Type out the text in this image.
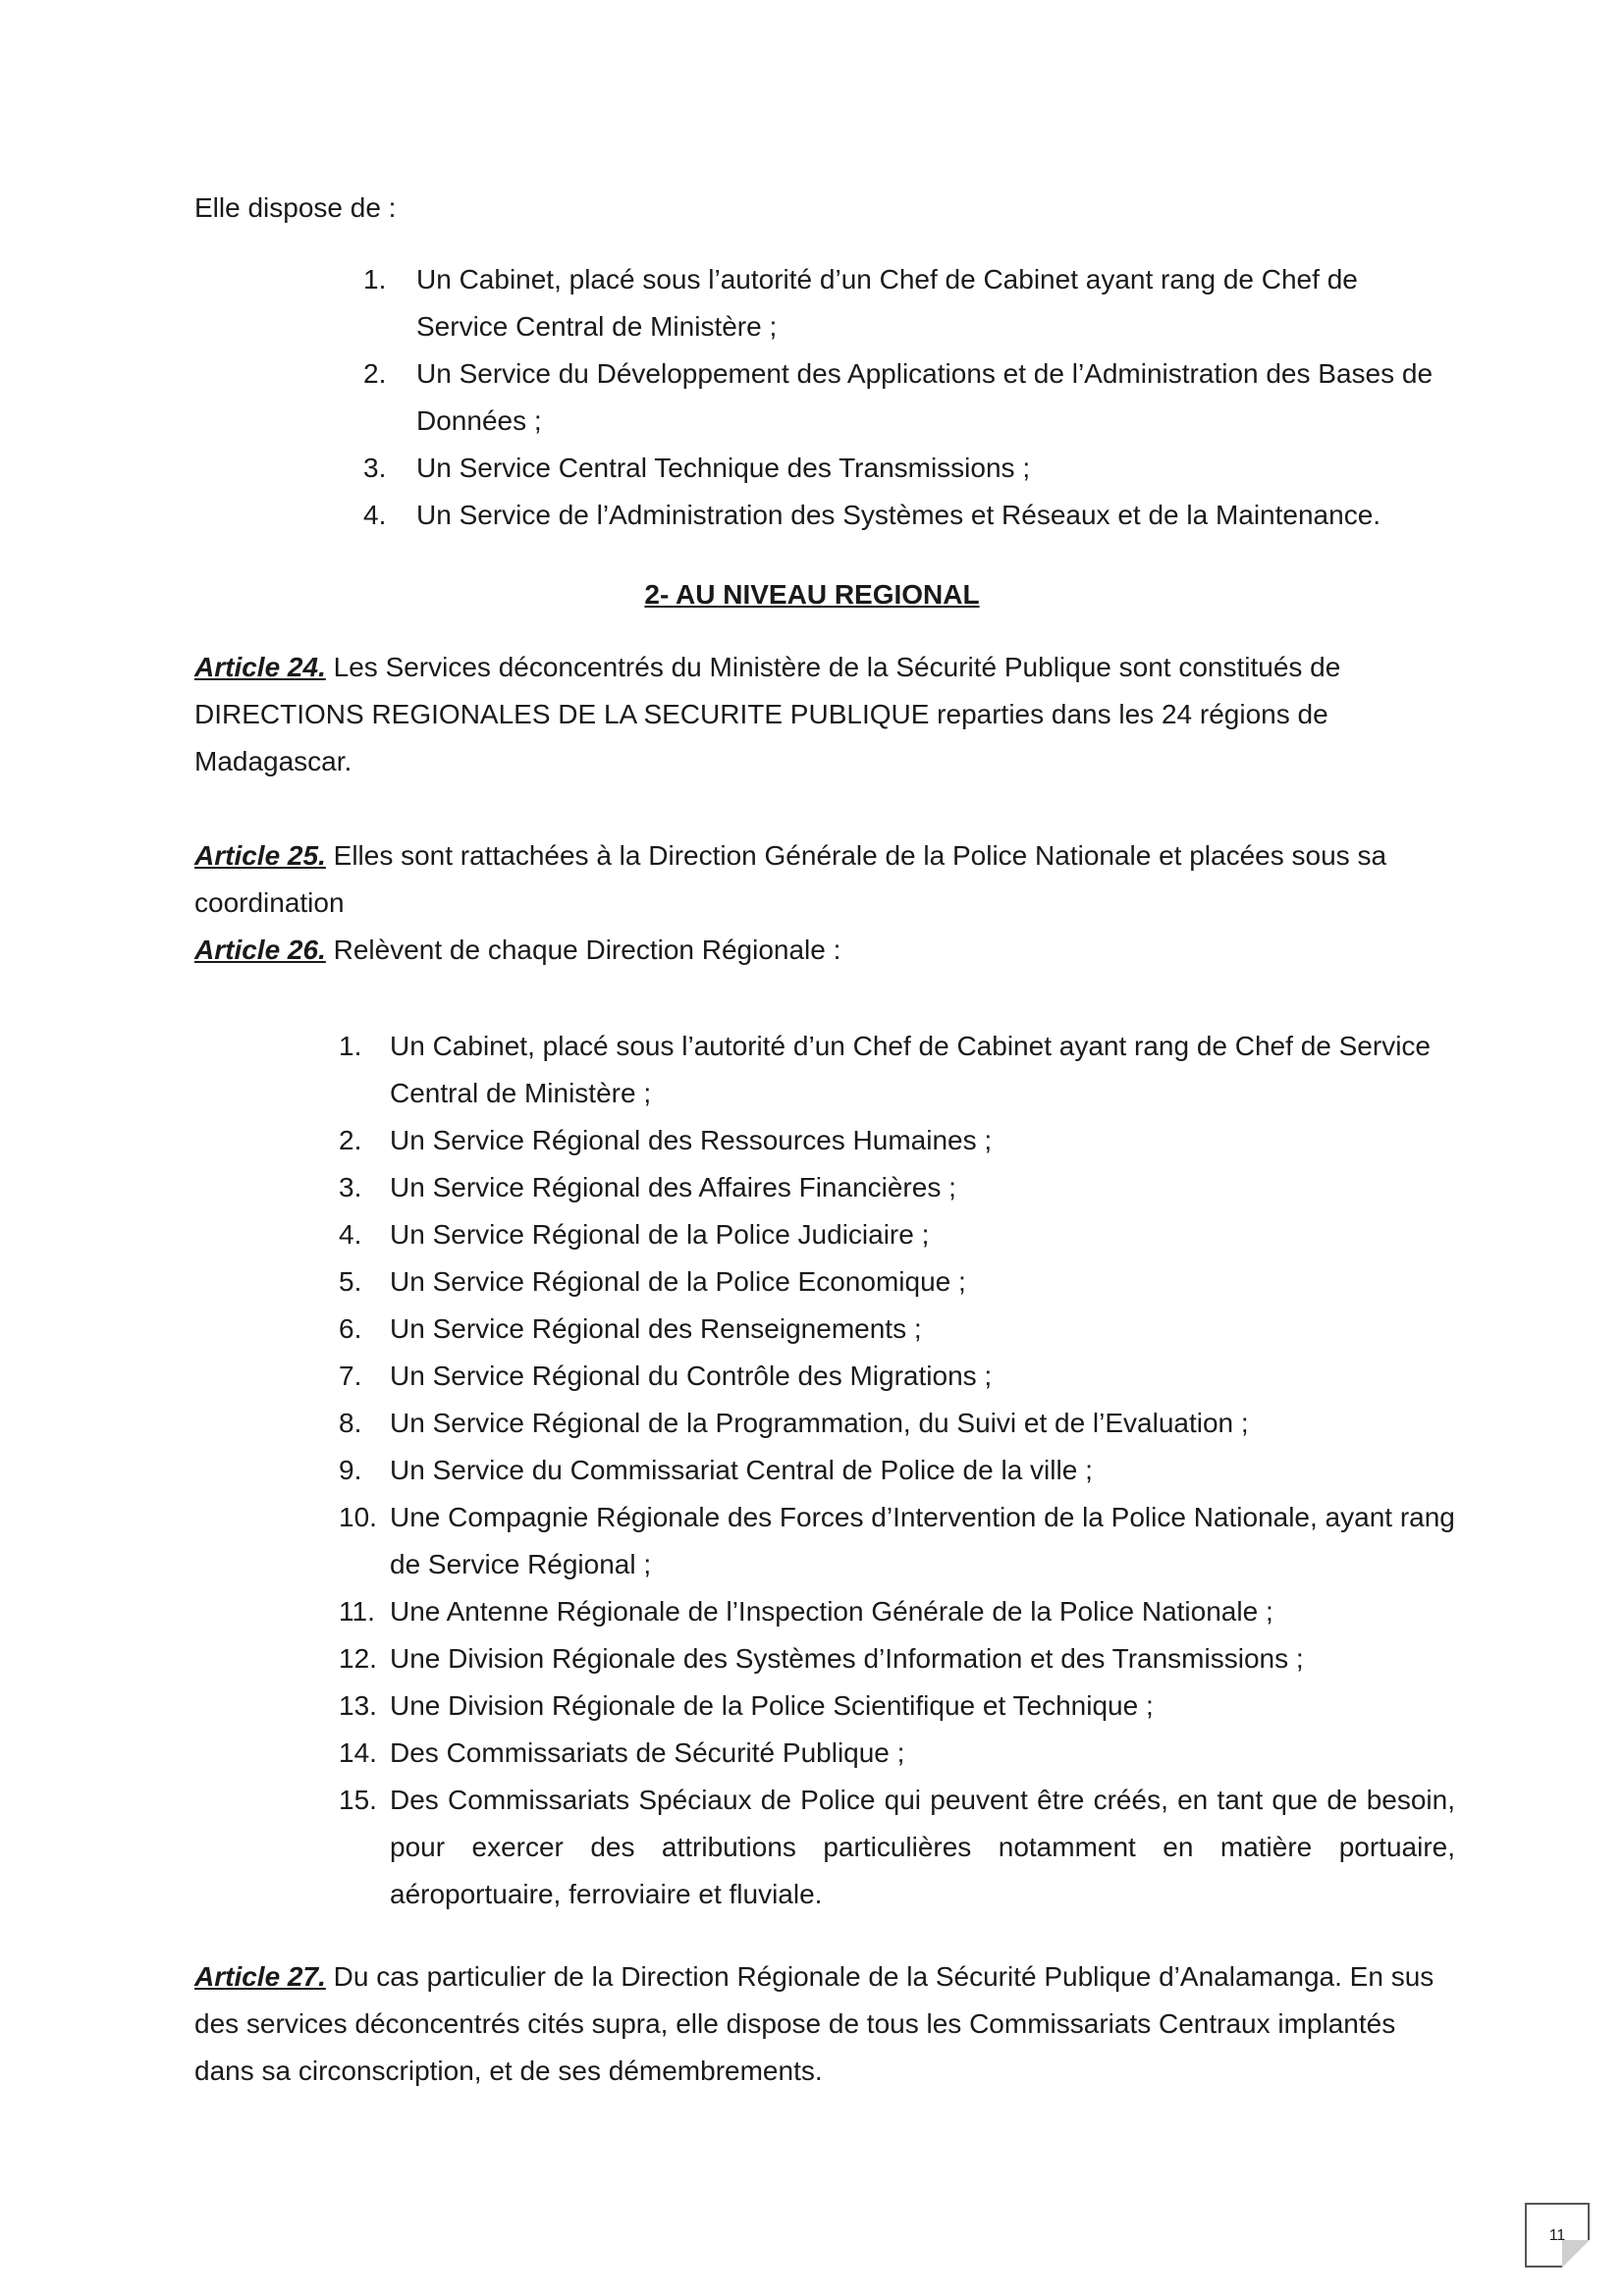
Elle dispose de :

1. Un Cabinet, placé sous l’autorité d’un Chef de Cabinet ayant rang de Chef de Service Central de Ministère ;
2. Un Service du Développement des Applications et de l’Administration des Bases de Données ;
3. Un Service Central Technique des Transmissions ;
4. Un Service de l’Administration des Systèmes et Réseaux et de la Maintenance.

2- AU NIVEAU REGIONAL

Article 24. Les Services déconcentrés du Ministère de la Sécurité Publique sont constitués de DIRECTIONS REGIONALES DE LA SECURITE PUBLIQUE reparties dans les 24 régions de Madagascar.

Article 25. Elles sont rattachées à la Direction Générale de la Police Nationale et placées sous sa coordination

Article 26. Relèvent de chaque Direction Régionale :

1. Un Cabinet, placé sous l’autorité d’un Chef de Cabinet ayant rang de Chef de Service Central de Ministère ;
2. Un Service Régional des Ressources Humaines ;
3. Un Service Régional des Affaires Financières ;
4. Un Service Régional de la Police Judiciaire ;
5. Un Service Régional de la Police Economique ;
6. Un Service Régional des Renseignements ;
7. Un Service Régional du Contrôle des Migrations ;
8. Un Service Régional de la Programmation, du Suivi et de l’Evaluation ;
9. Un Service du Commissariat Central de Police de la ville ;
10. Une Compagnie Régionale des Forces d’Intervention de la Police Nationale, ayant rang de Service Régional ;
11. Une Antenne Régionale de l’Inspection Générale de la Police Nationale ;
12. Une Division Régionale des Systèmes d’Information et des Transmissions ;
13. Une Division Régionale de la Police Scientifique et Technique ;
14. Des Commissariats de Sécurité Publique ;
15. Des Commissariats Spéciaux de Police qui peuvent être créés, en tant que de besoin, pour exercer des attributions particulières notamment en matière portuaire, aéroportuaire, ferroviaire et fluviale.

Article 27. Du cas particulier de la Direction Régionale de la Sécurité Publique d’Analamanga. En sus des services déconcentrés cités supra, elle dispose de tous les Commissariats Centraux implantés dans sa circonscription, et de ses démembrements.

11
